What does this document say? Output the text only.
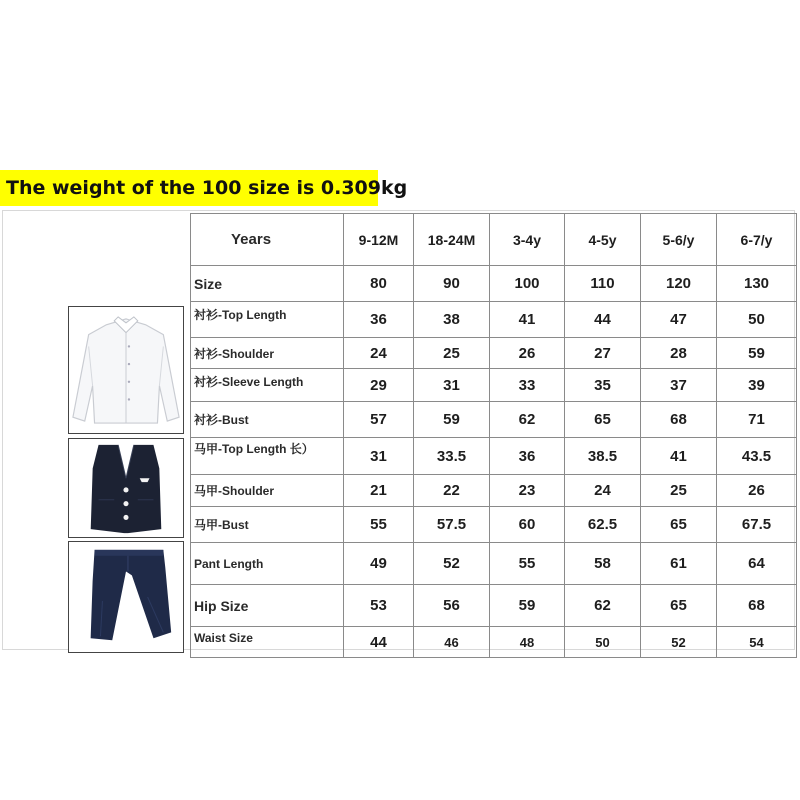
The weight of the 100 size is 0.309kg
Years	9-12M	18-24M	3-4y	4-5y	5-6/y	6-7/y
Size	80	90	100	110	120	130
衬衫-Top Length	36	38	41	44	47	50
衬衫-Shoulder	24	25	26	27	28	59
衬衫-Sleeve Length	29	31	33	35	37	39
衬衫-Bust	57	59	62	65	68	71
马甲-Top Length 长）	31	33.5	36	38.5	41	43.5
马甲-Shoulder	21	22	23	24	25	26
马甲-Bust	55	57.5	60	62.5	65	67.5
Pant Length	49	52	55	58	61	64
Hip Size	53	56	59	62	65	68
Waist Size	44	46	48	50	52	54
